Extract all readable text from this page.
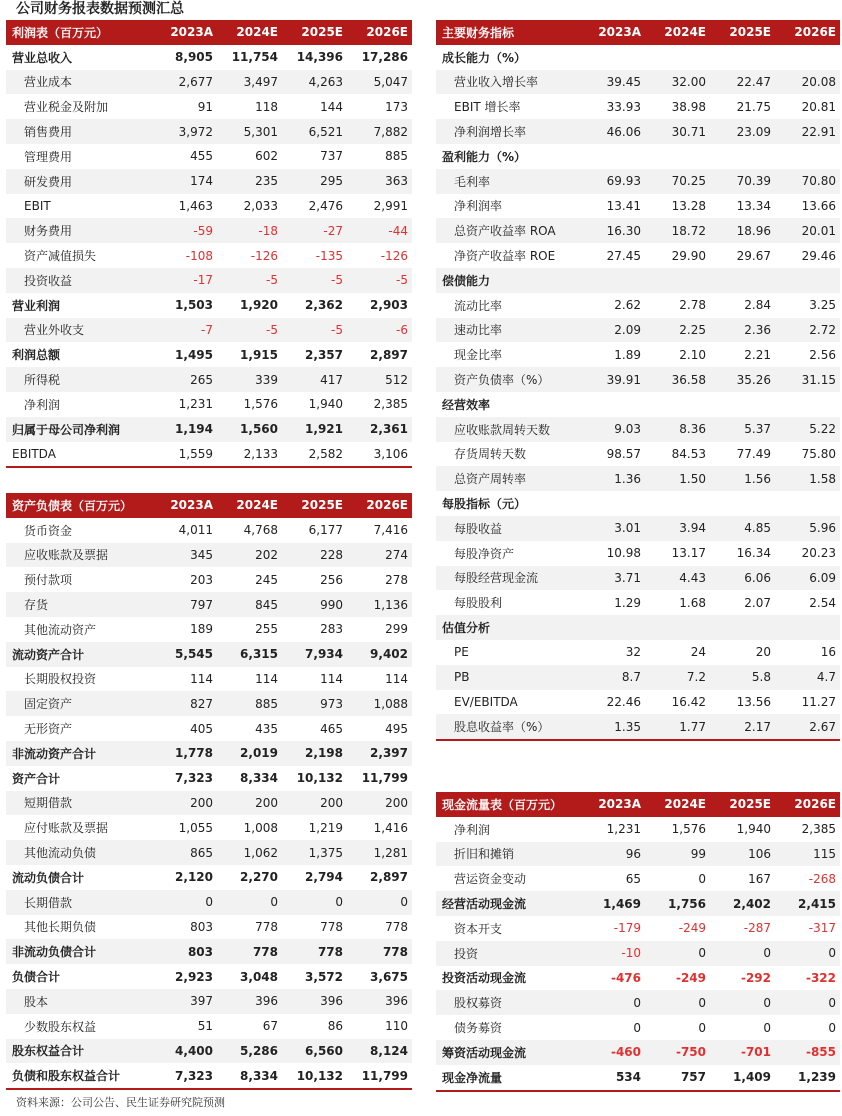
公司财务报表数据预测汇总
利润表（百万元）	2023A	2024E	2025E	2026E
营业总收入	8,905	11,754	14,396	17,286
营业成本	2,677	3,497	4,263	5,047
营业税金及附加	91	118	144	173
销售费用	3,972	5,301	6,521	7,882
管理费用	455	602	737	885
研发费用	174	235	295	363
EBIT	1,463	2,033	2,476	2,991
财务费用	-59	-18	-27	-44
资产减值损失	-108	-126	-135	-126
投资收益	-17	-5	-5	-5
营业利润	1,503	1,920	2,362	2,903
营业外收支	-7	-5	-5	-6
利润总额	1,495	1,915	2,357	2,897
所得税	265	339	417	512
净利润	1,231	1,576	1,940	2,385
归属于母公司净利润	1,194	1,560	1,921	2,361
EBITDA	1,559	2,133	2,582	3,106
资产负债表（百万元）	2023A	2024E	2025E	2026E
货币资金	4,011	4,768	6,177	7,416
应收账款及票据	345	202	228	274
预付款项	203	245	256	278
存货	797	845	990	1,136
其他流动资产	189	255	283	299
流动资产合计	5,545	6,315	7,934	9,402
长期股权投资	114	114	114	114
固定资产	827	885	973	1,088
无形资产	405	435	465	495
非流动资产合计	1,778	2,019	2,198	2,397
资产合计	7,323	8,334	10,132	11,799
短期借款	200	200	200	200
应付账款及票据	1,055	1,008	1,219	1,416
其他流动负债	865	1,062	1,375	1,281
流动负债合计	2,120	2,270	2,794	2,897
长期借款	0	0	0	0
其他长期负债	803	778	778	778
非流动负债合计	803	778	778	778
负债合计	2,923	3,048	3,572	3,675
股本	397	396	396	396
少数股东权益	51	67	86	110
股东权益合计	4,400	5,286	6,560	8,124
负债和股东权益合计	7,323	8,334	10,132	11,799
主要财务指标	2023A	2024E	2025E	2026E
成长能力（%）				
营业收入增长率	39.45	32.00	22.47	20.08
EBIT 增长率	33.93	38.98	21.75	20.81
净利润增长率	46.06	30.71	23.09	22.91
盈利能力（%）				
毛利率	69.93	70.25	70.39	70.80
净利润率	13.41	13.28	13.34	13.66
总资产收益率 ROA	16.30	18.72	18.96	20.01
净资产收益率 ROE	27.45	29.90	29.67	29.46
偿债能力				
流动比率	2.62	2.78	2.84	3.25
速动比率	2.09	2.25	2.36	2.72
现金比率	1.89	2.10	2.21	2.56
资产负债率（%）	39.91	36.58	35.26	31.15
经营效率				
应收账款周转天数	9.03	8.36	5.37	5.22
存货周转天数	98.57	84.53	77.49	75.80
总资产周转率	1.36	1.50	1.56	1.58
每股指标（元）				
每股收益	3.01	3.94	4.85	5.96
每股净资产	10.98	13.17	16.34	20.23
每股经营现金流	3.71	4.43	6.06	6.09
每股股利	1.29	1.68	2.07	2.54
估值分析				
PE	32	24	20	16
PB	8.7	7.2	5.8	4.7
EV/EBITDA	22.46	16.42	13.56	11.27
股息收益率（%）	1.35	1.77	2.17	2.67
现金流量表（百万元）	2023A	2024E	2025E	2026E
净利润	1,231	1,576	1,940	2,385
折旧和摊销	96	99	106	115
营运资金变动	65	0	167	-268
经营活动现金流	1,469	1,756	2,402	2,415
资本开支	-179	-249	-287	-317
投资	-10	0	0	0
投资活动现金流	-476	-249	-292	-322
股权募资	0	0	0	0
债务募资	0	0	0	0
筹资活动现金流	-460	-750	-701	-855
现金净流量	534	757	1,409	1,239
资料来源：公司公告、民生证券研究院预测
